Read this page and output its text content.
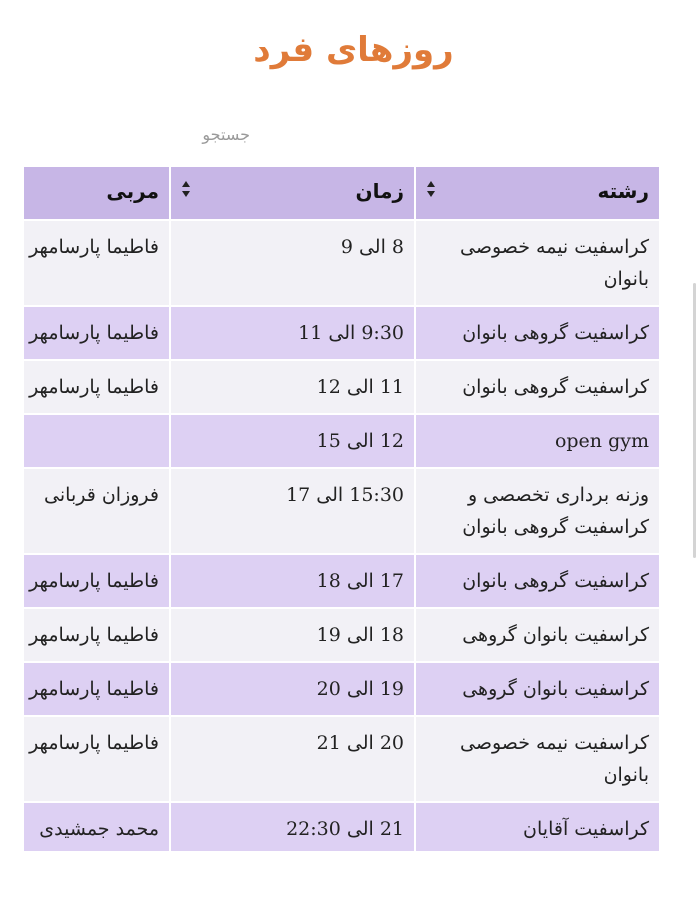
روزهای فرد
جستجو
رشته	زمان	مربی
کراسفیت نیمه خصوصی بانوان	8 الی 9	فاطیما پارسامهر
کراسفیت گروهی بانوان	9:30 الی 11	فاطیما پارسامهر
کراسفیت گروهی بانوان	11 الی 12	فاطیما پارسامهر
open gym	12 الی 15	
وزنه برداری تخصصی و کراسفیت گروهی بانوان	15:30 الی 17	فروزان قربانی
کراسفیت گروهی بانوان	17 الی 18	فاطیما پارسامهر
کراسفیت بانوان گروهی	18 الی 19	فاطیما پارسامهر
کراسفیت بانوان گروهی	19 الی 20	فاطیما پارسامهر
کراسفیت نیمه خصوصی بانوان	20 الی 21	فاطیما پارسامهر
کراسفیت آقایان	21 الی 22:30	محمد جمشیدی
